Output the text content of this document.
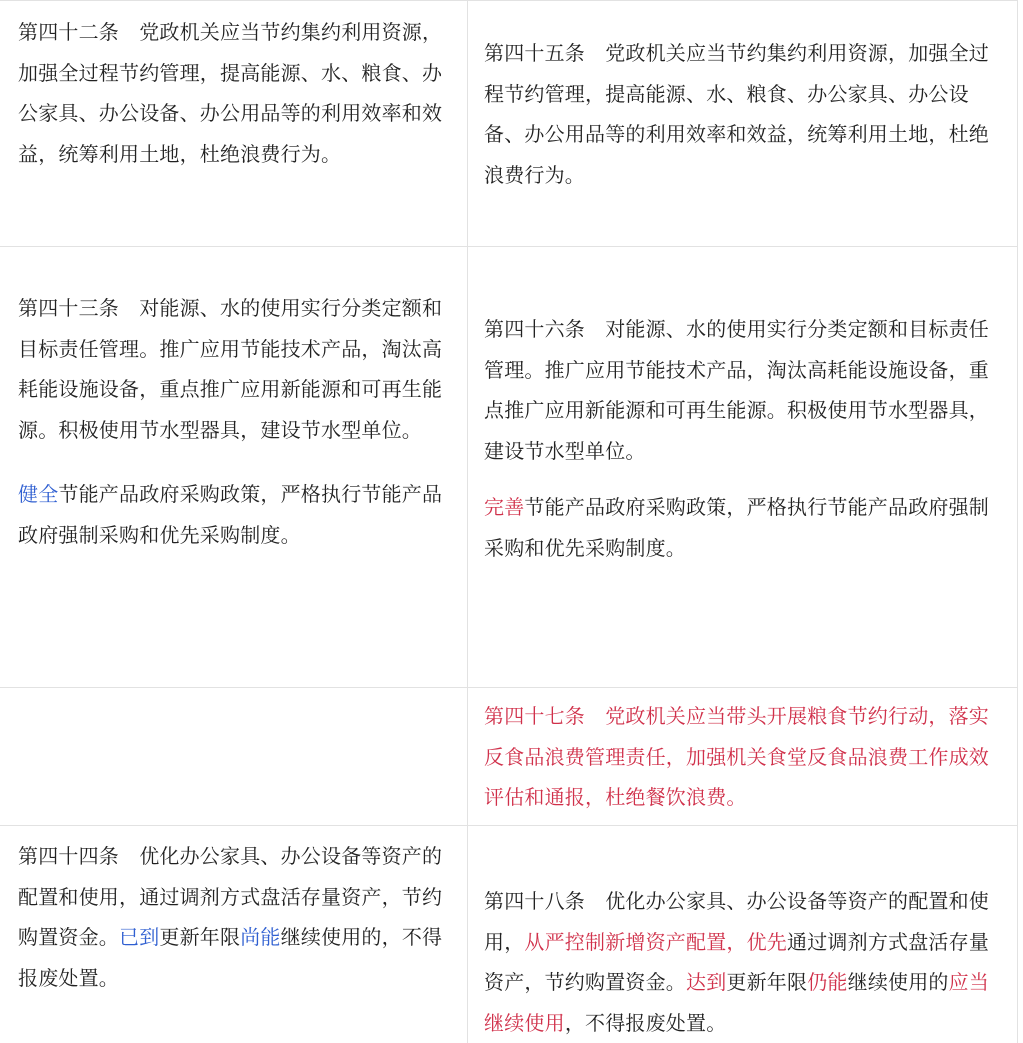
第四十二条　党政机关应当节约集约利用资源，加强全过程节约管理，提高能源、水、粮食、办公家具、办公设备、办公用品等的利用效率和效益，统筹利用土地，杜绝浪费行为。

第四十五条　党政机关应当节约集约利用资源，加强全过程节约管理，提高能源、水、粮食、办公家具、办公设备、办公用品等的利用效率和效益，统筹利用土地，杜绝浪费行为。

第四十三条　对能源、水的使用实行分类定额和目标责任管理。推广应用节能技术产品，淘汰高耗能设施设备，重点推广应用新能源和可再生能源。积极使用节水型器具，建设节水型单位。

健全节能产品政府采购政策，严格执行节能产品政府强制采购和优先采购制度。

第四十六条　对能源、水的使用实行分类定额和目标责任管理。推广应用节能技术产品，淘汰高耗能设施设备，重点推广应用新能源和可再生能源。积极使用节水型器具，建设节水型单位。

完善节能产品政府采购政策，严格执行节能产品政府强制采购和优先采购制度。

第四十七条　党政机关应当带头开展粮食节约行动，落实反食品浪费管理责任，加强机关食堂反食品浪费工作成效评估和通报，杜绝餐饮浪费。

第四十四条　优化办公家具、办公设备等资产的配置和使用，通过调剂方式盘活存量资产，节约购置资金。已到更新年限尚能继续使用的，不得报废处置。

第四十八条　优化办公家具、办公设备等资产的配置和使用，从严控制新增资产配置，优先通过调剂方式盘活存量资产，节约购置资金。达到更新年限仍能继续使用的应当继续使用，不得报废处置。
